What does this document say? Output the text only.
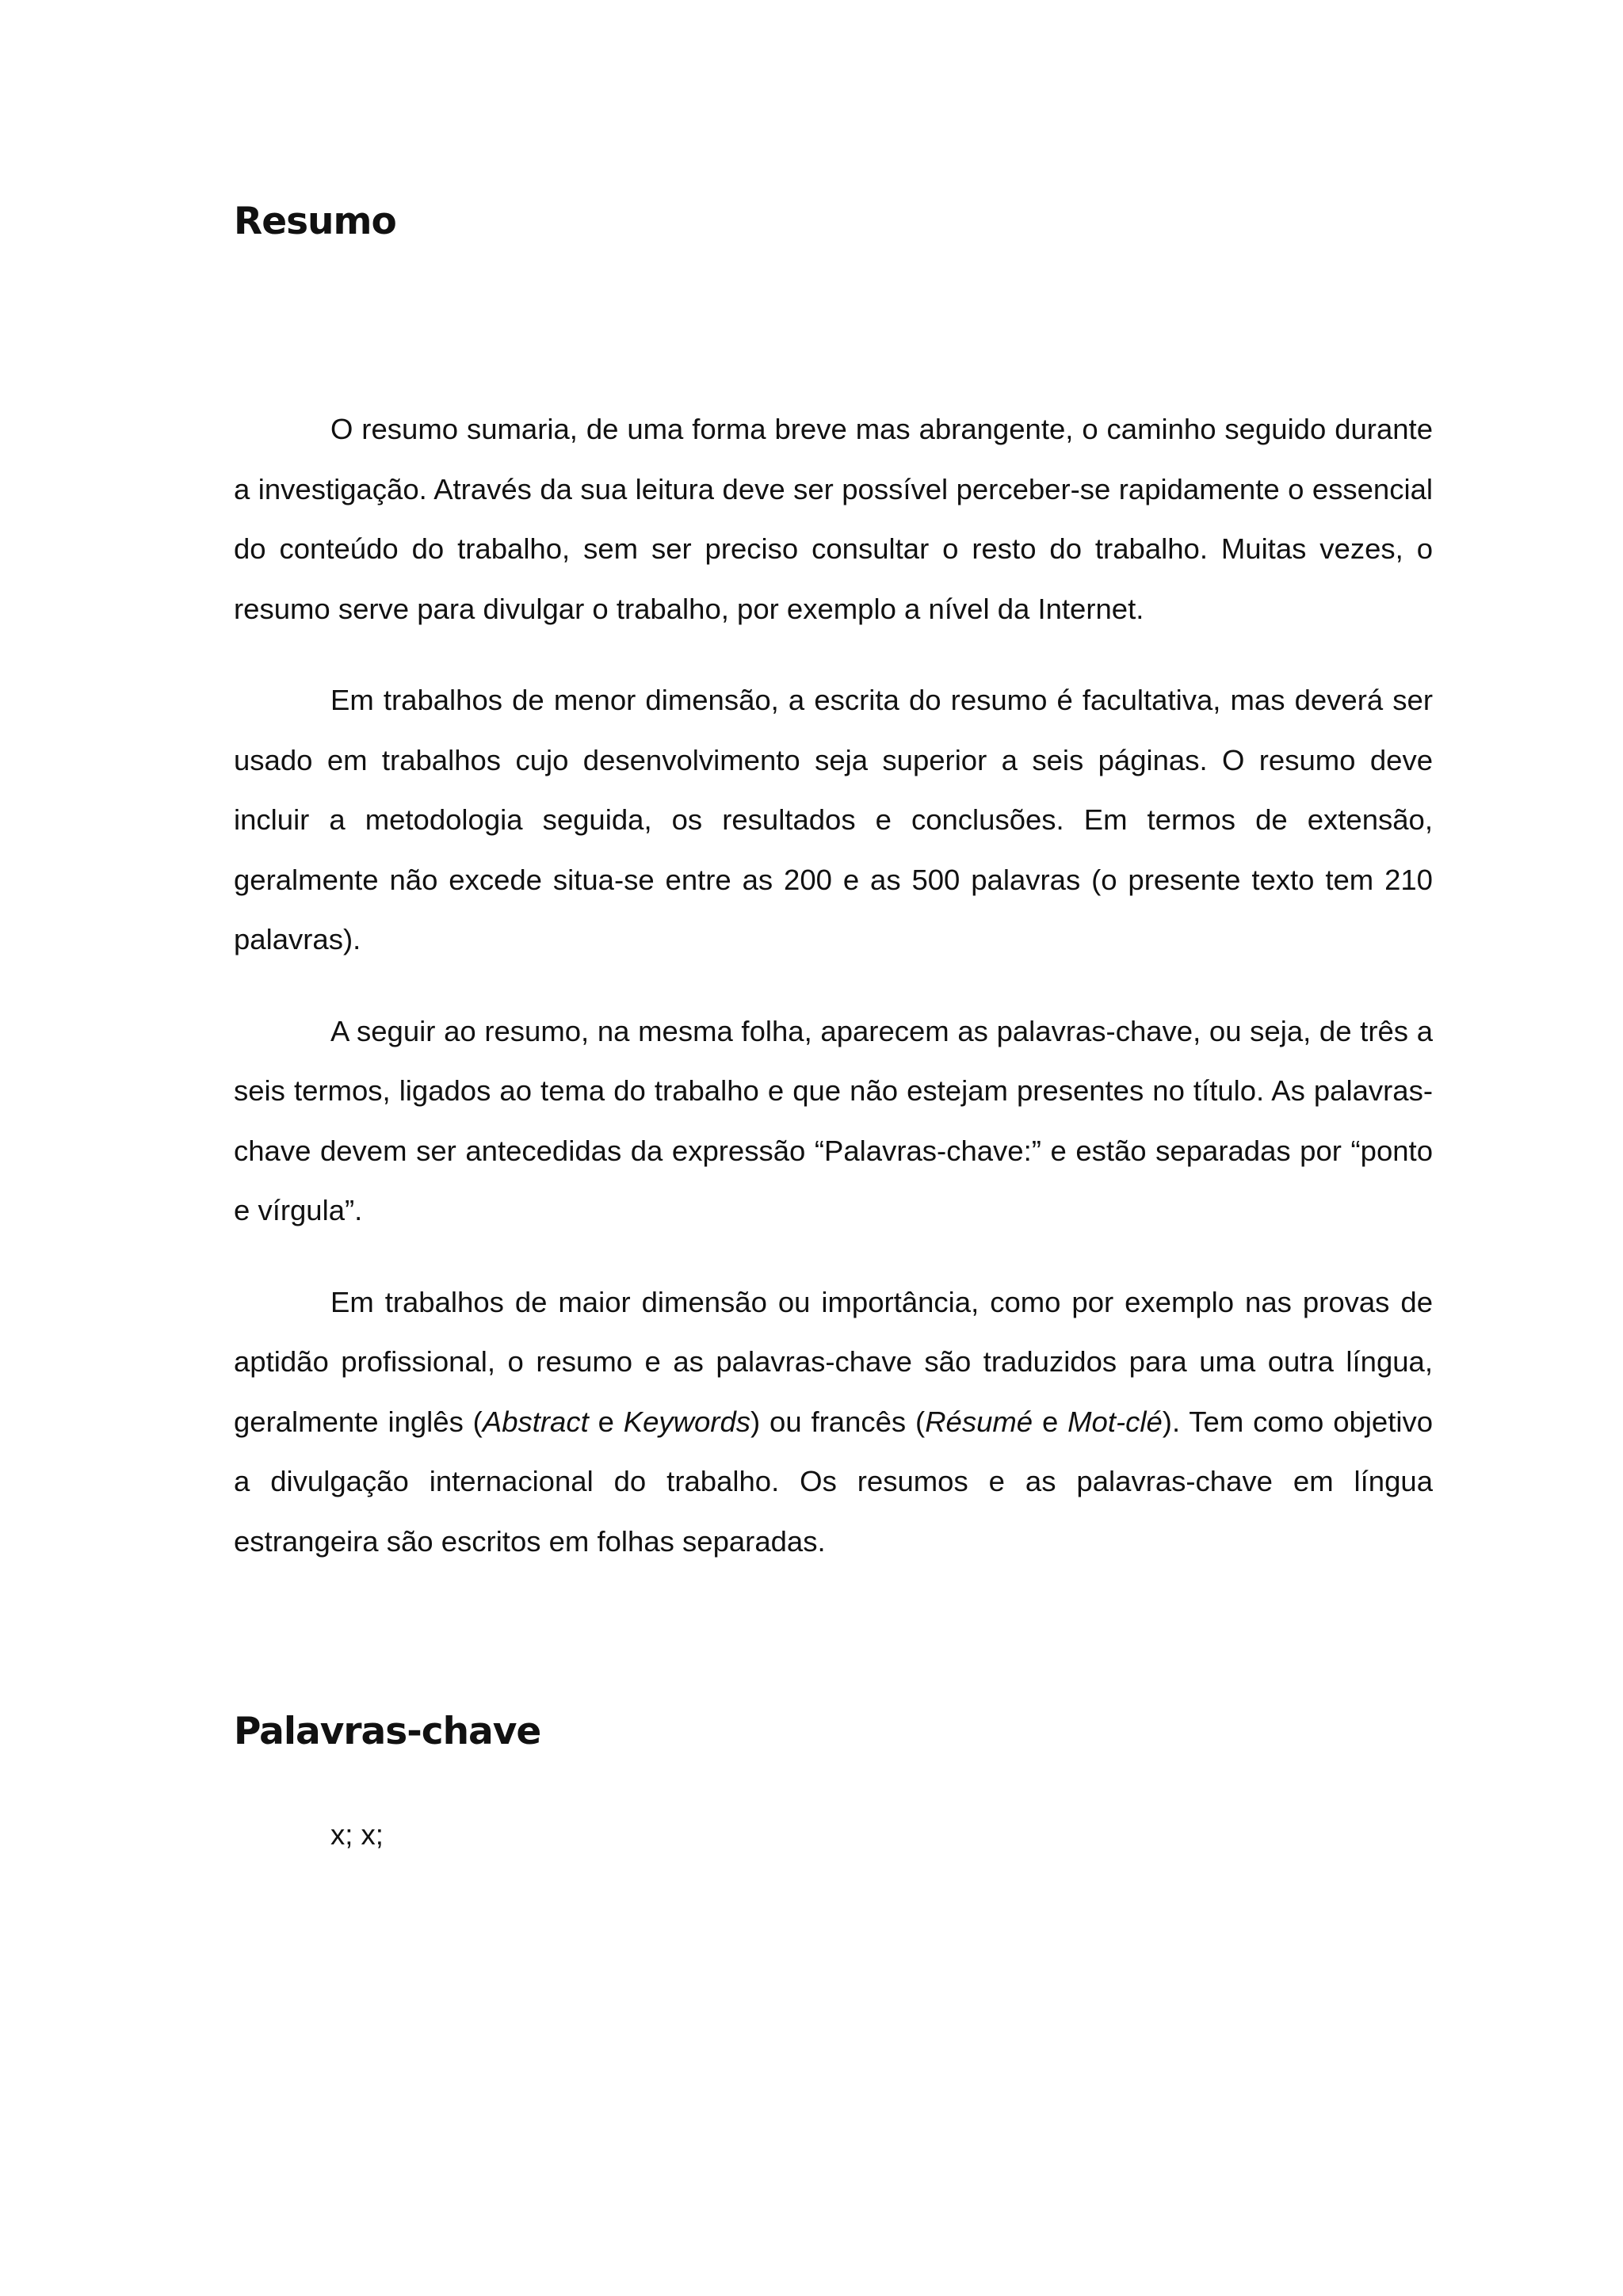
Resumo

O resumo sumaria, de uma forma breve mas abrangente, o caminho seguido durante a investigação. Através da sua leitura deve ser possível perceber-se rapidamente o essencial do conteúdo do trabalho, sem ser preciso consultar o resto do trabalho. Muitas vezes, o resumo serve para divulgar o trabalho, por exemplo a nível da Internet.

Em trabalhos de menor dimensão, a escrita do resumo é facultativa, mas deverá ser usado em trabalhos cujo desenvolvimento seja superior a seis páginas. O resumo deve incluir a metodologia seguida, os resultados e conclusões. Em termos de extensão, geralmente não excede situa-se entre as 200 e as 500 palavras (o presente texto tem 210 palavras).

A seguir ao resumo, na mesma folha, aparecem as palavras-chave, ou seja, de três a seis termos, ligados ao tema do trabalho e que não estejam presentes no título. As palavras-chave devem ser antecedidas da expressão “Palavras-chave:” e estão separadas por “ponto e vírgula”.

Em trabalhos de maior dimensão ou importância, como por exemplo nas provas de aptidão profissional, o resumo e as palavras-chave são traduzidos para uma outra língua, geralmente inglês (Abstract e Keywords) ou francês (Résumé e Mot-clé). Tem como objetivo a divulgação internacional do trabalho. Os resumos e as palavras-chave em língua estrangeira são escritos em folhas separadas.

Palavras-chave
x; x;
